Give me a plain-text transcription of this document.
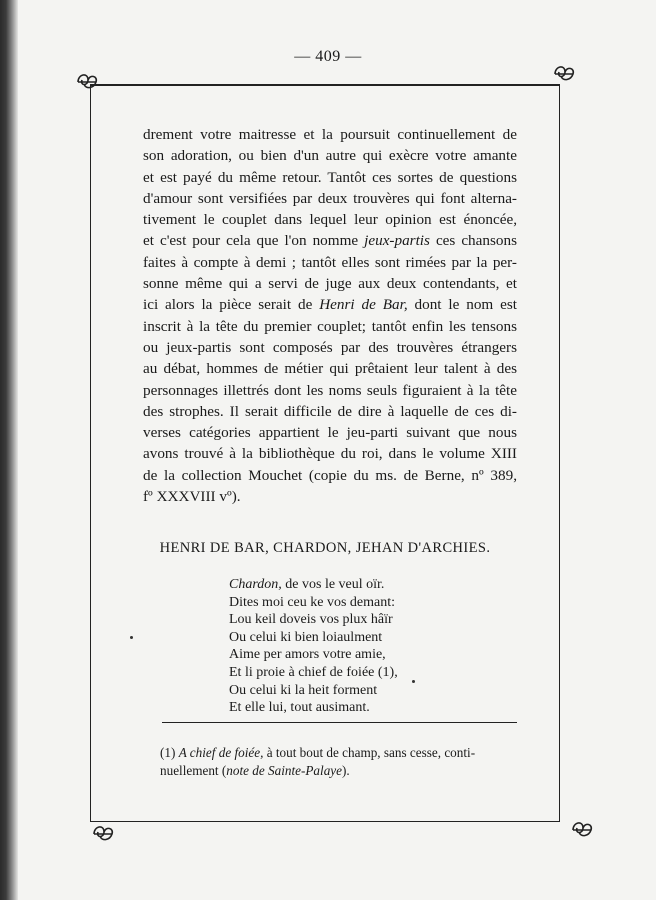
— 409 —
drement votre maitresse et la poursuit continuellement de
son adoration, ou bien d'un autre qui exècre votre amante
et est payé du même retour. Tantôt ces sortes de questions
d'amour sont versifiées par deux trouvères qui font alterna-
tivement le couplet dans lequel leur opinion est énoncée,
et c'est pour cela que l'on nomme jeux-partis ces chansons
faites à compte à demi ; tantôt elles sont rimées par la per-
sonne même qui a servi de juge aux deux contendants, et
ici alors la pièce serait de Henri de Bar, dont le nom est
inscrit à la tête du premier couplet; tantôt enfin les tensons
ou jeux-partis sont composés par des trouvères étrangers
au débat, hommes de métier qui prêtaient leur talent à des
personnages illettrés dont les noms seuls figuraient à la tête
des strophes. Il serait difficile de dire à laquelle de ces di-
verses catégories appartient le jeu-parti suivant que nous
avons trouvé à la bibliothèque du roi, dans le volume XIII
de la collection Mouchet (copie du ms. de Berne, nº 389,
fº XXXVIII vº).
HENRI DE BAR, CHARDON, JEHAN D'ARCHIES.
Chardon, de vos le veul oïr.
Dites moi ceu ke vos demant:
Lou keil doveis vos plux hâïr
Ou celui ki bien loiaulment
Aime per amors votre amie,
Et li proie à chief de foiée (1),
Ou celui ki la heit forment
Et elle lui, tout ausimant.
(1) A chief de foiée, à tout bout de champ, sans cesse, conti-
nuellement (note de Sainte-Palaye).
